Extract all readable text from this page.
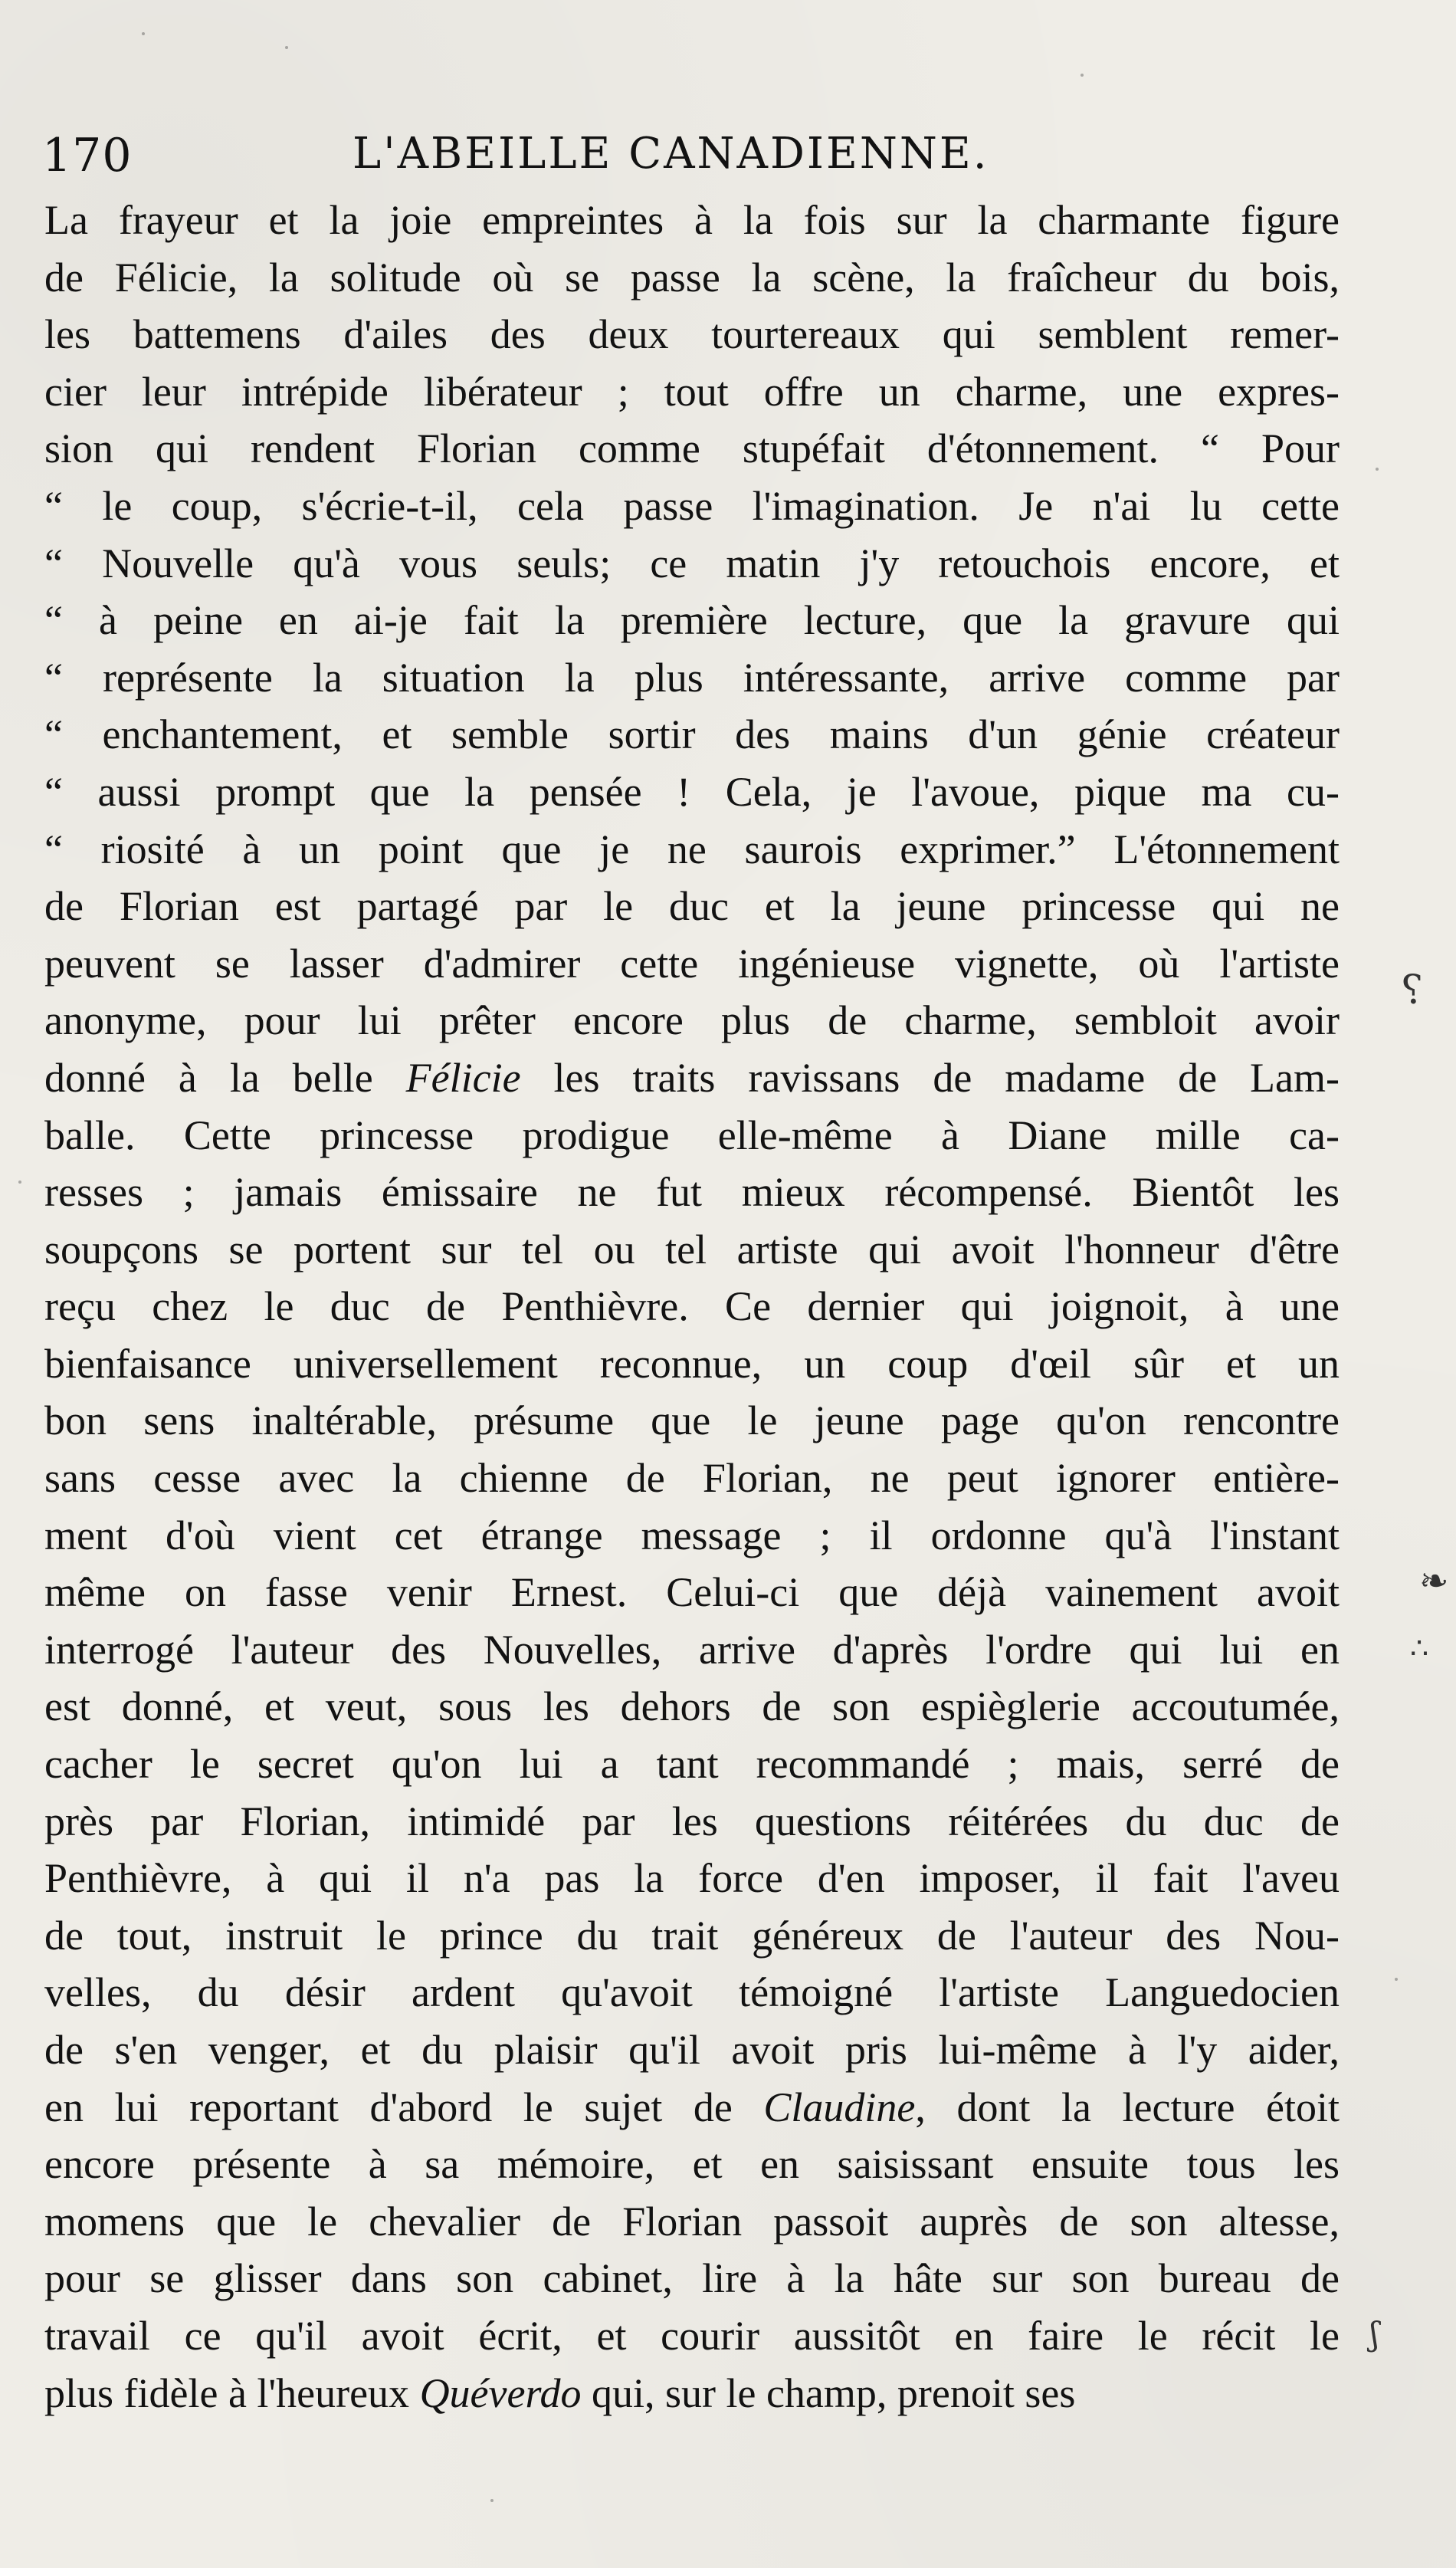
170	L'ABEILLE CANADIENNE.
La frayeur et la joie empreintes à la fois sur la charmante figure
de Félicie, la solitude où se passe la scène, la fraîcheur du bois,
les battemens d'ailes des deux tourtereaux qui semblent remer-
cier leur intrépide libérateur ; tout offre un charme, une expres-
sion qui rendent Florian comme stupéfait d'étonnement. “ Pour
“ le coup, s'écrie-t-il, cela passe l'imagination. Je n'ai lu cette
“ Nouvelle qu'à vous seuls; ce matin j'y retouchois encore, et
“ à peine en ai-je fait la première lecture, que la gravure qui
“ représente la situation la plus intéressante, arrive comme par
“ enchantement, et semble sortir des mains d'un génie créateur
“ aussi prompt que la pensée ! Cela, je l'avoue, pique ma cu-
“ riosité à un point que je ne saurois exprimer.” L'étonnement
de Florian est partagé par le duc et la jeune princesse qui ne
peuvent se lasser d'admirer cette ingénieuse vignette, où l'artiste
anonyme, pour lui prêter encore plus de charme, sembloit avoir
donné à la belle Félicie les traits ravissans de madame de Lam-
balle. Cette princesse prodigue elle-même à Diane mille ca-
resses ; jamais émissaire ne fut mieux récompensé. Bientôt les
soupçons se portent sur tel ou tel artiste qui avoit l'honneur d'être
reçu chez le duc de Penthièvre. Ce dernier qui joignoit, à une
bienfaisance universellement reconnue, un coup d'œil sûr et un
bon sens inaltérable, présume que le jeune page qu'on rencontre
sans cesse avec la chienne de Florian, ne peut ignorer entière-
ment d'où vient cet étrange message ; il ordonne qu'à l'instant
même on fasse venir Ernest. Celui-ci que déjà vainement avoit
interrogé l'auteur des Nouvelles, arrive d'après l'ordre qui lui en
est donné, et veut, sous les dehors de son espièglerie accoutumée,
cacher le secret qu'on lui a tant recommandé ; mais, serré de
près par Florian, intimidé par les questions réitérées du duc de
Penthièvre, à qui il n'a pas la force d'en imposer, il fait l'aveu
de tout, instruit le prince du trait généreux de l'auteur des Nou-
velles, du désir ardent qu'avoit témoigné l'artiste Languedocien
de s'en venger, et du plaisir qu'il avoit pris lui-même à l'y aider,
en lui reportant d'abord le sujet de Claudine, dont la lecture étoit
encore présente à sa mémoire, et en saisissant ensuite tous les
momens que le chevalier de Florian passoit auprès de son altesse,
pour se glisser dans son cabinet, lire à la hâte sur son bureau de
travail ce qu'il avoit écrit, et courir aussitôt en faire le récit le
plus fidèle à l'heureux Quéverdo qui, sur le champ, prenoit ses
⸮
❧
∴
ʃ
